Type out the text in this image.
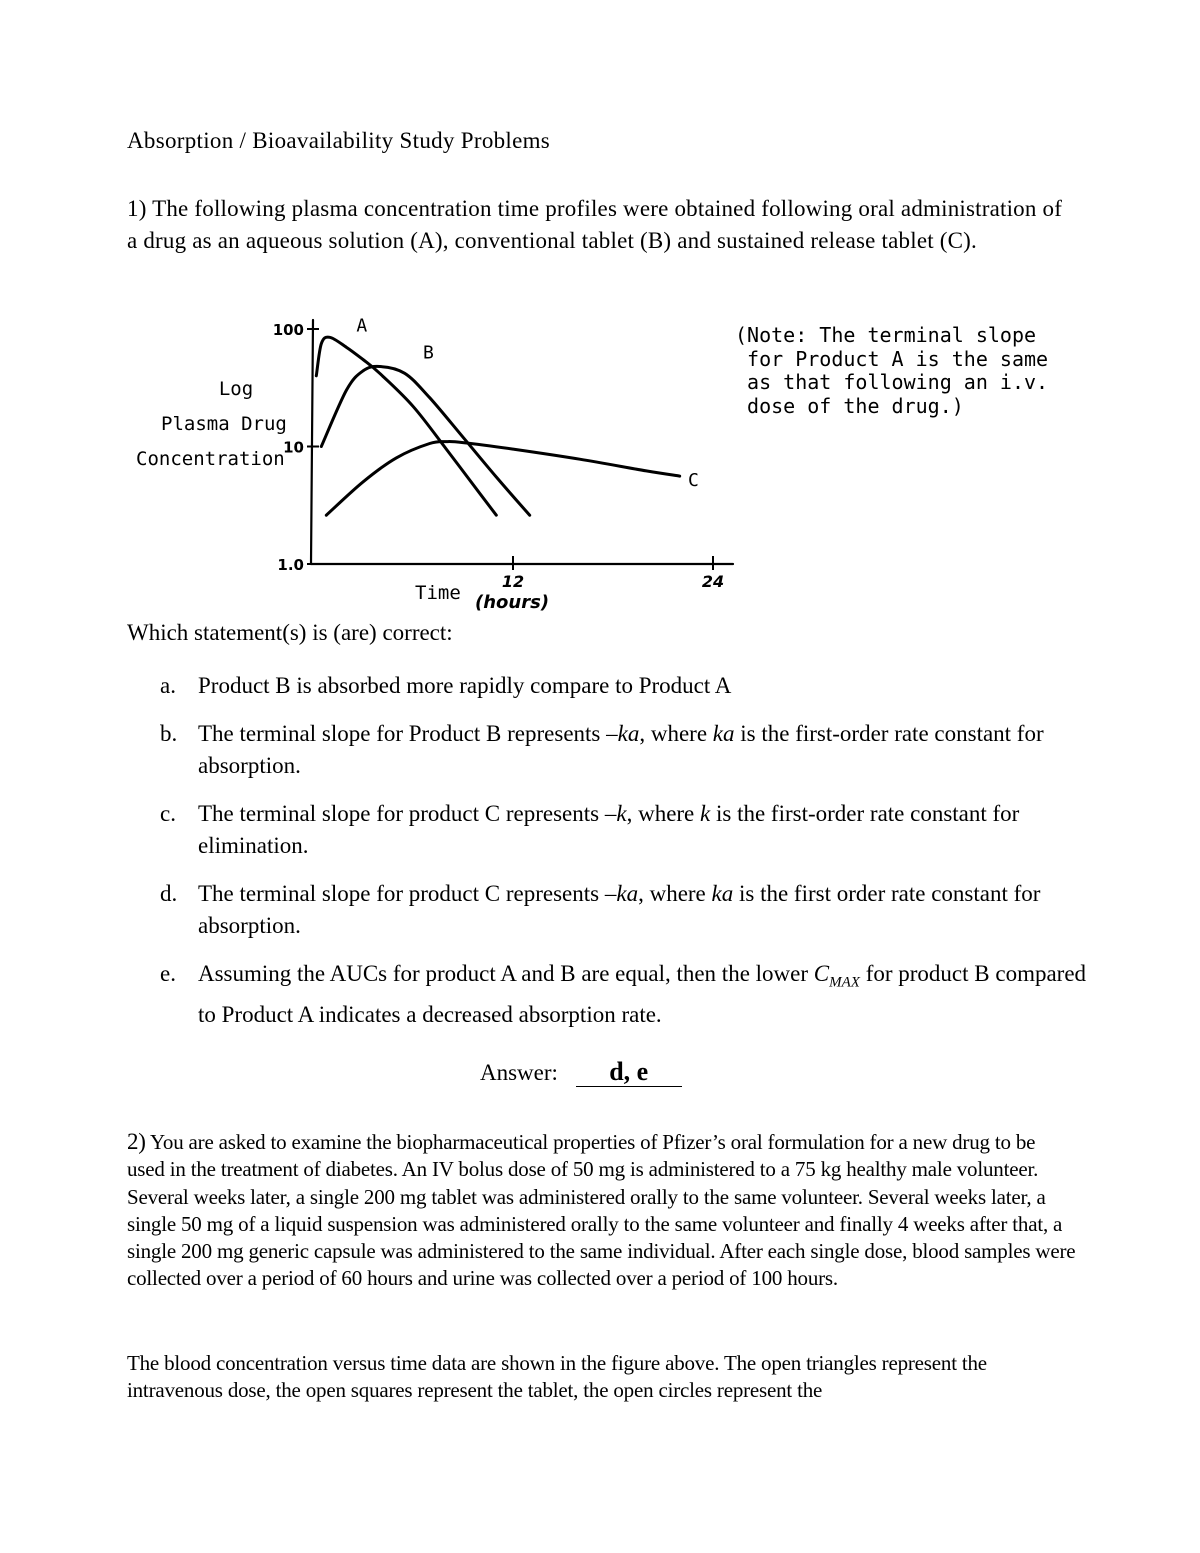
Absorption / Bioavailability Study Problems
1) The following plasma concentration time profiles were obtained following oral administration of a drug as an aqueous solution (A), conventional tablet (B) and sustained release tablet (C).
1.0
10
100
12	24
Log
Plasma Drug
Concentration
Time (hours)
A
B
C
(Note: The terminal slope
for Product A is the same
as that following an i.v.
dose of the drug.)
Which statement(s) is (are) correct:
a. Product B is absorbed more rapidly compare to Product A
b. The terminal slope for Product B represents –ka, where ka is the first-order rate constant for absorption.
c. The terminal slope for product C represents –k, where k is the first-order rate constant for elimination.
d. The terminal slope for product C represents –ka, where ka is the first order rate constant for absorption.
e. Assuming the AUCs for product A and B are equal, then the lower $C_{MAX}$ for product B compared to Product A indicates a decreased absorption rate.
Answer: d, e
2) You are asked to examine the biopharmaceutical properties of Pfizer’s oral formulation for a new drug to be used in the treatment of diabetes. An IV bolus dose of 50 mg is administered to a 75 kg healthy male volunteer. Several weeks later, a single 200 mg tablet was administered orally to the same volunteer. Several weeks later, a single 50 mg of a liquid suspension was administered orally to the same volunteer and finally 4 weeks after that, a single 200 mg generic capsule was administered to the same individual. After each single dose, blood samples were collected over a period of 60 hours and urine was collected over a period of 100 hours.
The blood concentration versus time data are shown in the figure above. The open triangles represent the intravenous dose, the open squares represent the tablet, the open circles represent the
